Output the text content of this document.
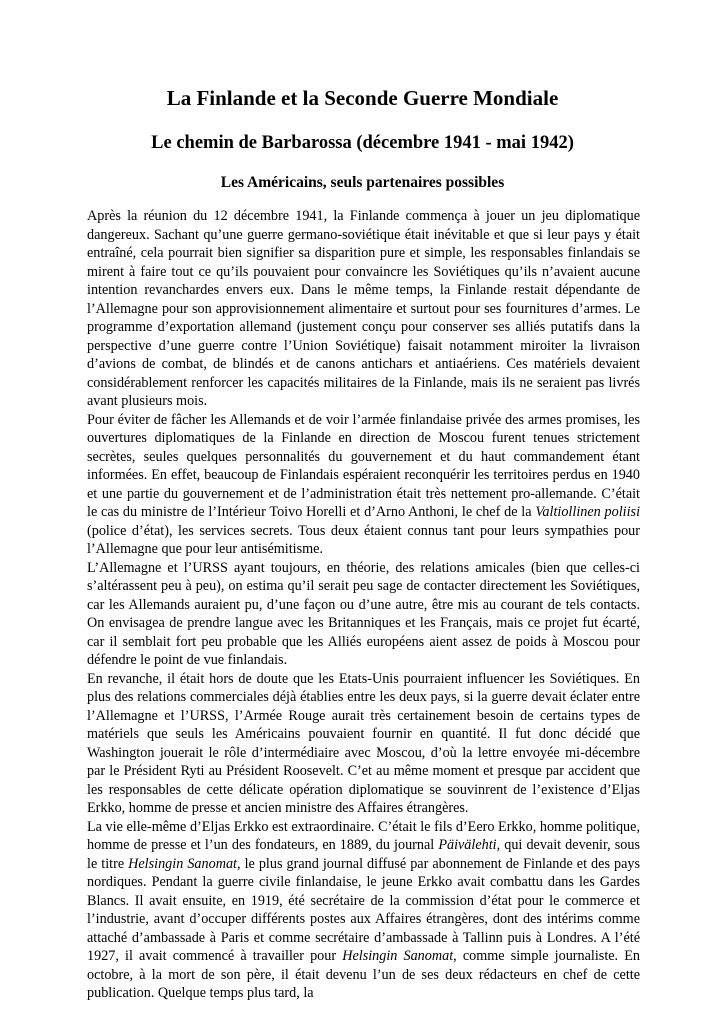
La Finlande et la Seconde Guerre Mondiale
Le chemin de Barbarossa (décembre 1941 - mai 1942)
Les Américains, seuls partenaires possibles

Après la réunion du 12 décembre 1941, la Finlande commença à jouer un jeu diplomatique dangereux. Sachant qu’une guerre germano-soviétique était inévitable et que si leur pays y était entraîné, cela pourrait bien signifier sa disparition pure et simple, les responsables finlandais se mirent à faire tout ce qu’ils pouvaient pour convaincre les Soviétiques qu’ils n’avaient aucune intention revanchardes envers eux. Dans le même temps, la Finlande restait dépendante de l’Allemagne pour son approvisionnement alimentaire et surtout pour ses fournitures d’armes. Le programme d’exportation allemand (justement conçu pour conserver ses alliés putatifs dans la perspective d’une guerre contre l’Union Soviétique) faisait notamment miroiter la livraison d’avions de combat, de blindés et de canons antichars et antiaériens. Ces matériels devaient considérablement renforcer les capacités militaires de la Finlande, mais ils ne seraient pas livrés avant plusieurs mois.

Pour éviter de fâcher les Allemands et de voir l’armée finlandaise privée des armes promises, les ouvertures diplomatiques de la Finlande en direction de Moscou furent tenues strictement secrètes, seules quelques personnalités du gouvernement et du haut commandement étant informées. En effet, beaucoup de Finlandais espéraient reconquérir les territoires perdus en 1940 et une partie du gouvernement et de l’administration était très nettement pro-allemande. C’était le cas du ministre de l’Intérieur Toivo Horelli et d’Arno Anthoni, le chef de la Valtiollinen poliisi (police d’état), les services secrets. Tous deux étaient connus tant pour leurs sympathies pour l’Allemagne que pour leur antisémitisme.

L’Allemagne et l’URSS ayant toujours, en théorie, des relations amicales (bien que celles-ci s’altérassent peu à peu), on estima qu’il serait peu sage de contacter directement les Soviétiques, car les Allemands auraient pu, d’une façon ou d’une autre, être mis au courant de tels contacts. On envisagea de prendre langue avec les Britanniques et les Français, mais ce projet fut écarté, car il semblait fort peu probable que les Alliés européens aient assez de poids à Moscou pour défendre le point de vue finlandais.

En revanche, il était hors de doute que les Etats-Unis pourraient influencer les Soviétiques. En plus des relations commerciales déjà établies entre les deux pays, si la guerre devait éclater entre l’Allemagne et l’URSS, l’Armée Rouge aurait très certainement besoin de certains types de matériels que seuls les Américains pouvaient fournir en quantité. Il fut donc décidé que Washington jouerait le rôle d’intermédiaire avec Moscou, d’où la lettre envoyée mi-décembre par le Président Ryti au Président Roosevelt. C’et au même moment et presque par accident que les responsables de cette délicate opération diplomatique se souvinrent de l’existence d’Eljas Erkko, homme de presse et ancien ministre des Affaires étrangères.

La vie elle-même d’Eljas Erkko est extraordinaire. C’était le fils d’Eero Erkko, homme politique, homme de presse et l’un des fondateurs, en 1889, du journal Päivälehti, qui devait devenir, sous le titre Helsingin Sanomat, le plus grand journal diffusé par abonnement de Finlande et des pays nordiques. Pendant la guerre civile finlandaise, le jeune Erkko avait combattu dans les Gardes Blancs. Il avait ensuite, en 1919, été secrétaire de la commission d’état pour le commerce et l’industrie, avant d’occuper différents postes aux Affaires étrangères, dont des intérims comme attaché d’ambassade à Paris et comme secrétaire d’ambassade à Tallinn puis à Londres. A l’été 1927, il avait commencé à travailler pour Helsingin Sanomat, comme simple journaliste. En octobre, à la mort de son père, il était devenu l’un de ses deux rédacteurs en chef de cette publication. Quelque temps plus tard, la
